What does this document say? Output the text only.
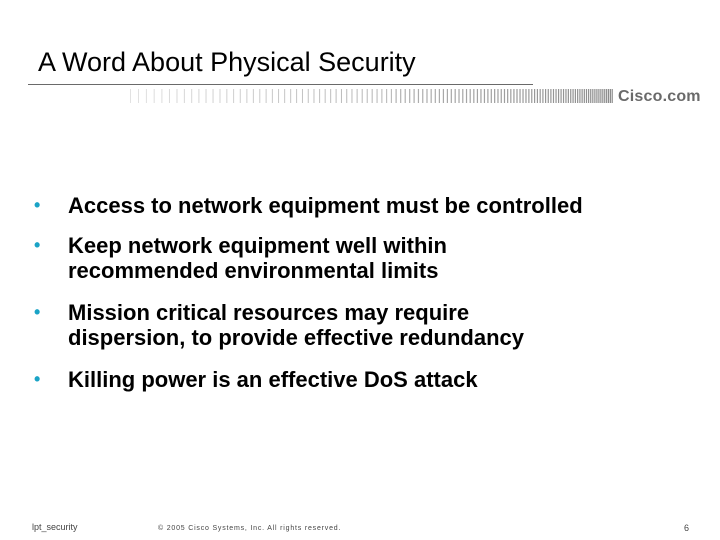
A Word About Physical Security
Cisco.com
• Access to network equipment must be controlled
• Keep network equipment well within
recommended environmental limits
• Mission critical resources may require
dispersion, to provide effective redundancy
• Killing power is an effective DoS attack
lpt_security	© 2005 Cisco Systems, Inc. All rights reserved.	6
